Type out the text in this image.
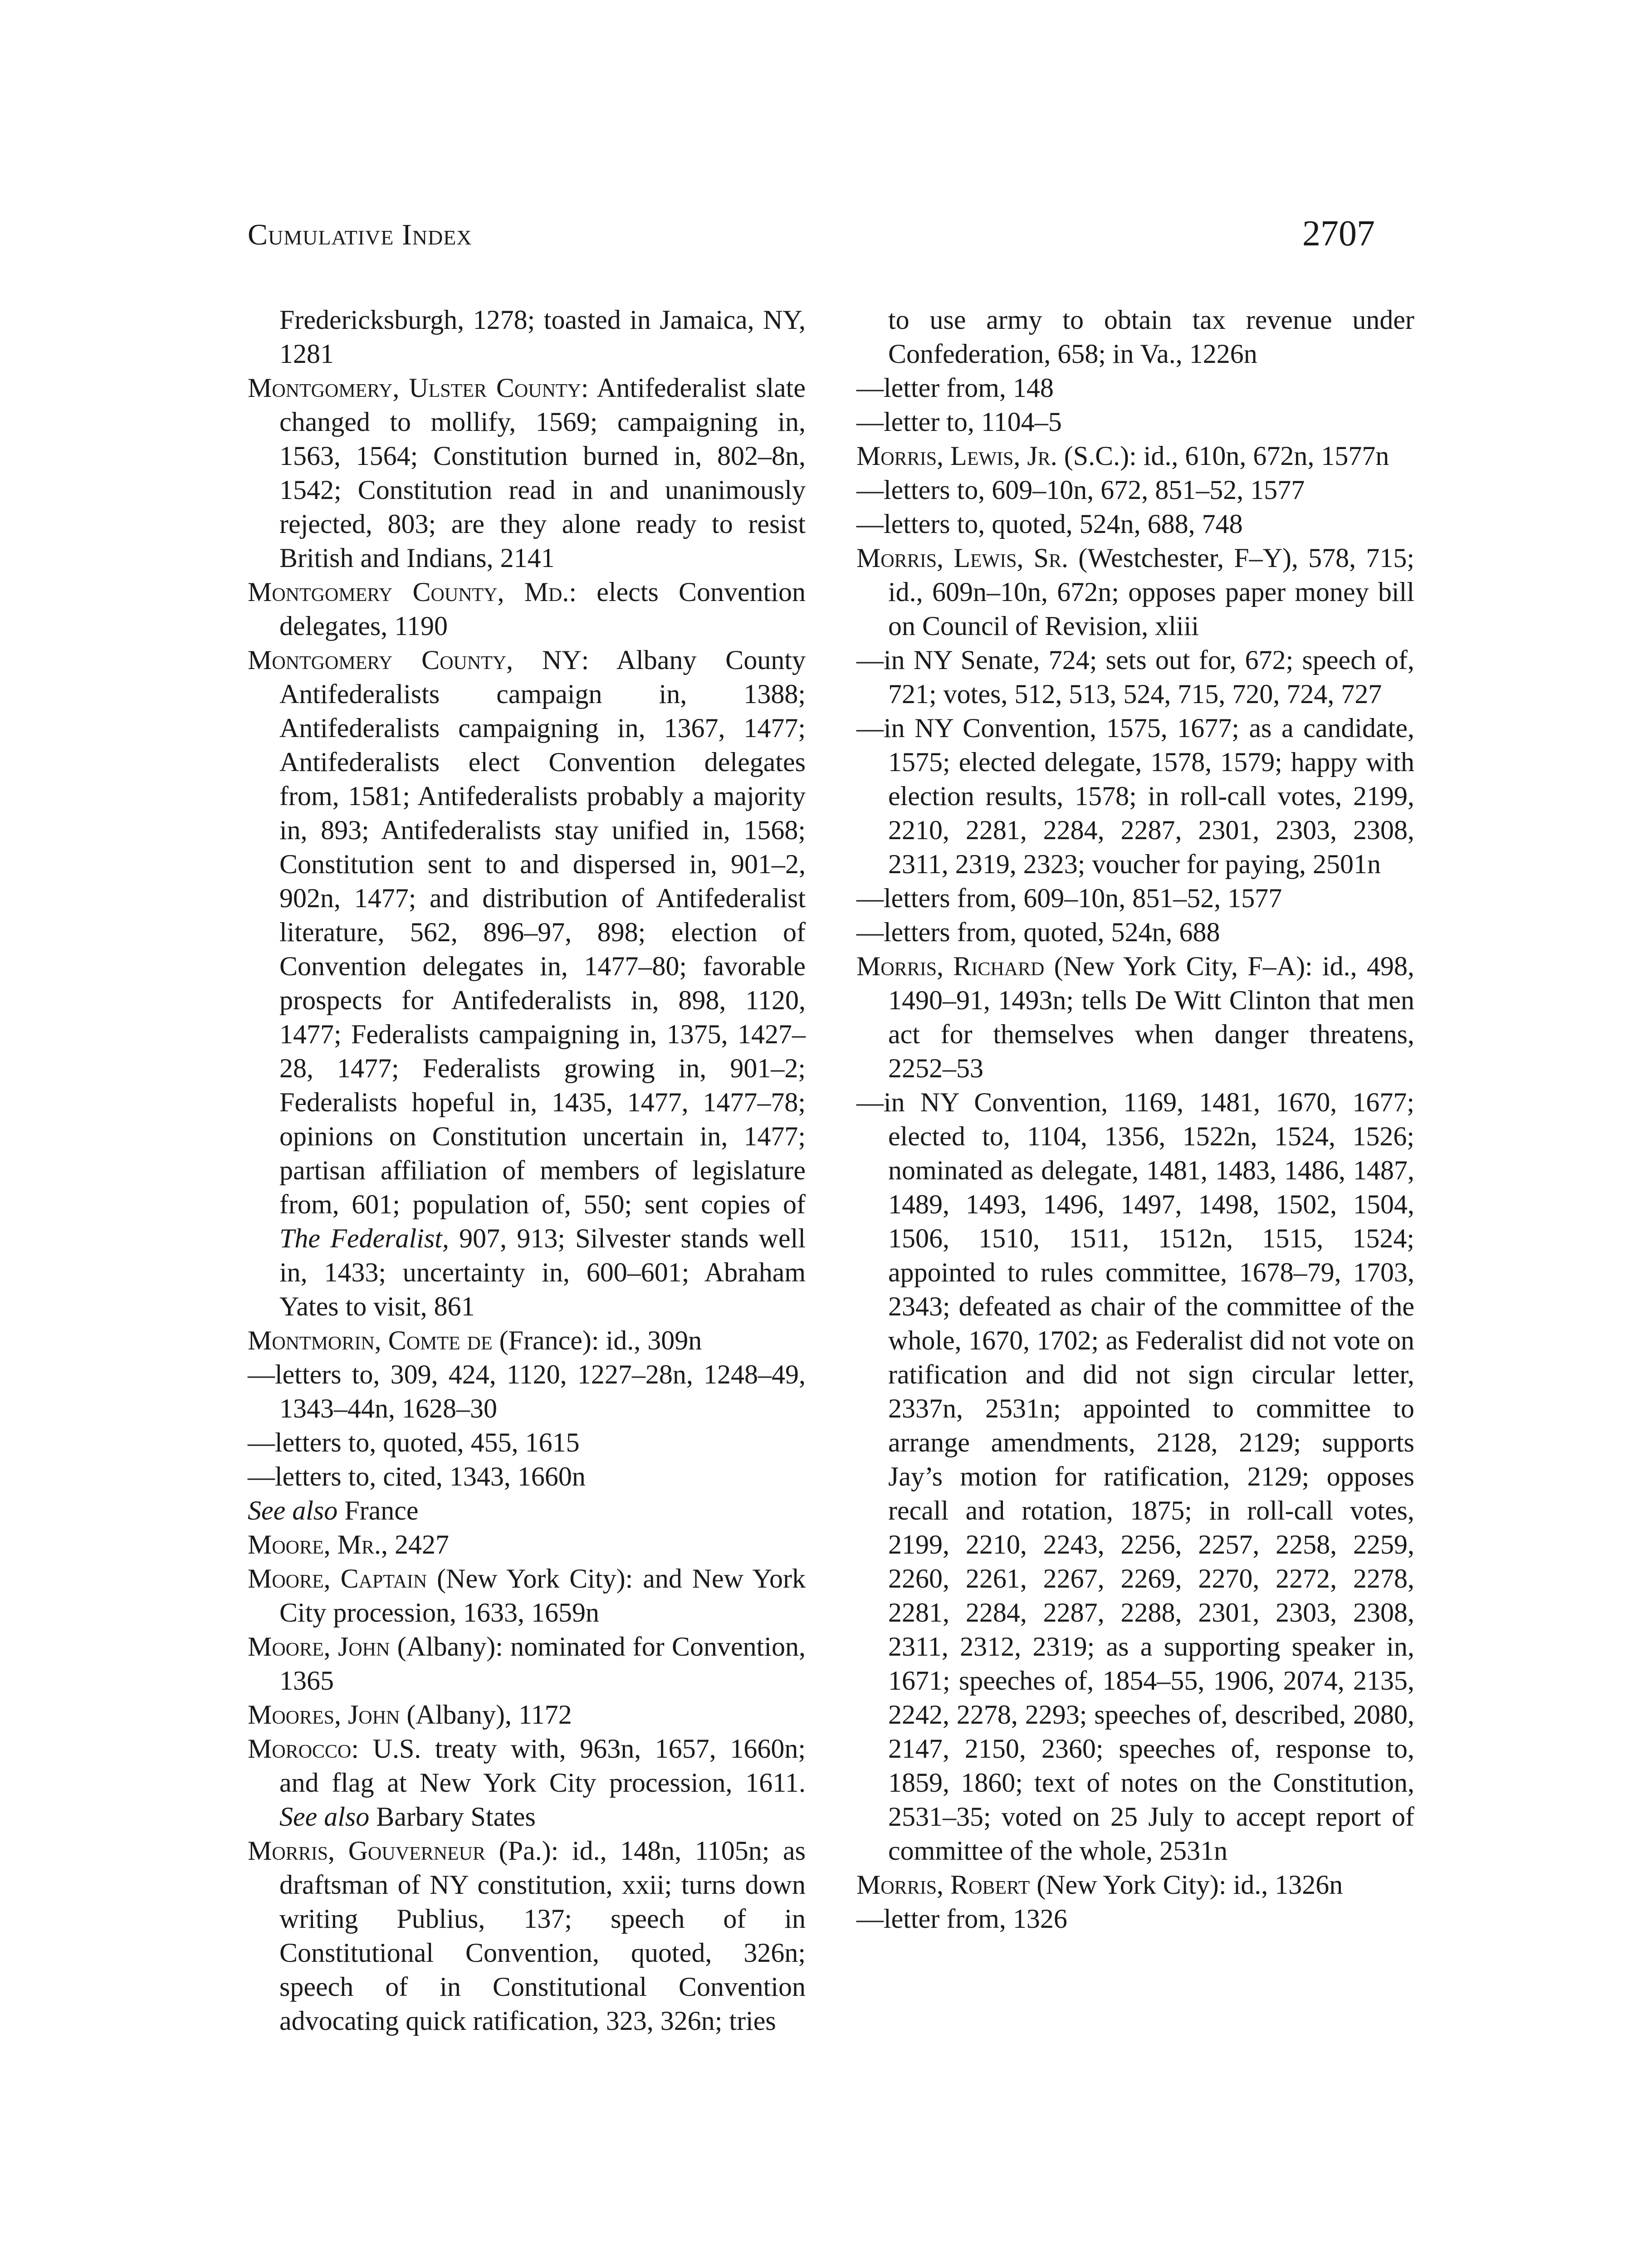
Cumulative Index	2707

Fredericksburgh, 1278; toasted in Jamaica, NY, 1281

Montgomery, Ulster County: Antifederalist slate changed to mollify, 1569; campaigning in, 1563, 1564; Constitution burned in, 802–8n, 1542; Constitution read in and unanimously rejected, 803; are they alone ready to resist British and Indians, 2141

Montgomery County, Md.: elects Convention delegates, 1190

Montgomery County, NY: Albany County Antifederalists campaign in, 1388; Antifederalists campaigning in, 1367, 1477; Antifederalists elect Convention delegates from, 1581; Antifederalists probably a majority in, 893; Antifederalists stay unified in, 1568; Constitution sent to and dispersed in, 901–2, 902n, 1477; and distribution of Antifederalist literature, 562, 896–97, 898; election of Convention delegates in, 1477–80; favorable prospects for Antifederalists in, 898, 1120, 1477; Federalists campaigning in, 1375, 1427–28, 1477; Federalists growing in, 901–2; Federalists hopeful in, 1435, 1477, 1477–78; opinions on Constitution uncertain in, 1477; partisan affiliation of members of legislature from, 601; population of, 550; sent copies of The Federalist, 907, 913; Silvester stands well in, 1433; uncertainty in, 600–601; Abraham Yates to visit, 861

Montmorin, Comte de (France): id., 309n

—letters to, 309, 424, 1120, 1227–28n, 1248–49, 1343–44n, 1628–30

—letters to, quoted, 455, 1615

—letters to, cited, 1343, 1660n

See also France

Moore, Mr., 2427

Moore, Captain (New York City): and New York City procession, 1633, 1659n

Moore, John (Albany): nominated for Convention, 1365

Moores, John (Albany), 1172

Morocco: U.S. treaty with, 963n, 1657, 1660n; and flag at New York City procession, 1611. See also Barbary States

Morris, Gouverneur (Pa.): id., 148n, 1105n; as draftsman of NY constitution, xxii; turns down writing Publius, 137; speech of in Constitutional Convention, quoted, 326n; speech of in Constitutional Convention advocating quick ratification, 323, 326n; tries

to use army to obtain tax revenue under Confederation, 658; in Va., 1226n

—letter from, 148

—letter to, 1104–5

Morris, Lewis, Jr. (S.C.): id., 610n, 672n, 1577n

—letters to, 609–10n, 672, 851–52, 1577

—letters to, quoted, 524n, 688, 748

Morris, Lewis, Sr. (Westchester, F–Y), 578, 715; id., 609n–10n, 672n; opposes paper money bill on Council of Revision, xliii

—in NY Senate, 724; sets out for, 672; speech of, 721; votes, 512, 513, 524, 715, 720, 724, 727

—in NY Convention, 1575, 1677; as a candidate, 1575; elected delegate, 1578, 1579; happy with election results, 1578; in roll-call votes, 2199, 2210, 2281, 2284, 2287, 2301, 2303, 2308, 2311, 2319, 2323; voucher for paying, 2501n

—letters from, 609–10n, 851–52, 1577

—letters from, quoted, 524n, 688

Morris, Richard (New York City, F–A): id., 498, 1490–91, 1493n; tells De Witt Clinton that men act for themselves when danger threatens, 2252–53

—in NY Convention, 1169, 1481, 1670, 1677; elected to, 1104, 1356, 1522n, 1524, 1526; nominated as delegate, 1481, 1483, 1486, 1487, 1489, 1493, 1496, 1497, 1498, 1502, 1504, 1506, 1510, 1511, 1512n, 1515, 1524; appointed to rules committee, 1678–79, 1703, 2343; defeated as chair of the committee of the whole, 1670, 1702; as Federalist did not vote on ratification and did not sign circular letter, 2337n, 2531n; appointed to committee to arrange amendments, 2128, 2129; supports Jay’s motion for ratification, 2129; opposes recall and rotation, 1875; in roll-call votes, 2199, 2210, 2243, 2256, 2257, 2258, 2259, 2260, 2261, 2267, 2269, 2270, 2272, 2278, 2281, 2284, 2287, 2288, 2301, 2303, 2308, 2311, 2312, 2319; as a supporting speaker in, 1671; speeches of, 1854–55, 1906, 2074, 2135, 2242, 2278, 2293; speeches of, described, 2080, 2147, 2150, 2360; speeches of, response to, 1859, 1860; text of notes on the Constitution, 2531–35; voted on 25 July to accept report of committee of the whole, 2531n

Morris, Robert (New York City): id., 1326n

—letter from, 1326
